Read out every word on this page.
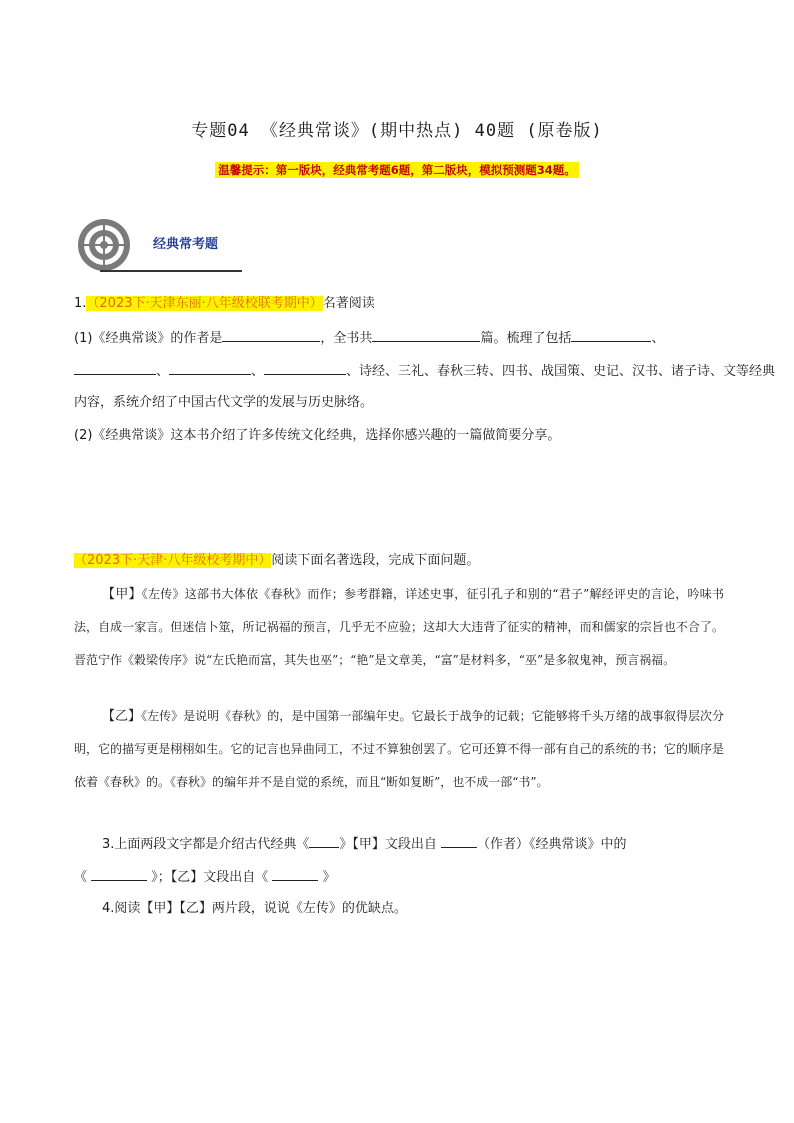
专题04 《经典常谈》(期中热点) 40题 (原卷版)
温馨提示：第一版块，经典常考题6题，第二版块，模拟预测题34题。
经典常考题
1.（2023下·天津东丽·八年级校联考期中）名著阅读
(1)《经典常谈》的作者是	，全书共	篇。梳理了包括	、
、	、	、诗经、三礼、春秋三转、四书、战国策、史记、汉书、诸子诗、文等经典
内容，系统介绍了中国古代文学的发展与历史脉络。
(2)《经典常谈》这本书介绍了许多传统文化经典，选择你感兴趣的一篇做简要分享。
（2023下·天津·八年级校考期中）阅读下面名著选段，完成下面问题。
【甲】《左传》这部书大体依《春秋》而作；参考群籍，详述史事，征引孔子和别的“君子”解经评史的言论，吟味书法，自成一家言。但迷信卜筮，所记祸福的预言，几乎无不应验；这却大大违背了征实的精神，而和儒家的宗旨也不合了。晋范宁作《穀梁传序》说“左氏艳而富，其失也巫”；“艳”是文章美，“富”是材料多，“巫”是多叙鬼神，预言祸福。
【乙】《左传》是说明《春秋》的，是中国第一部编年史。它最长于战争的记载；它能够将千头万绪的战事叙得层次分明，它的描写更是栩栩如生。它的记言也异曲同工，不过不算独创罢了。它可还算不得一部有自己的系统的书；它的顺序是依着《春秋》的。《春秋》的编年并不是自觉的系统，而且“断如复断”，也不成一部“书”。
3.上面两段文字都是介绍古代经典《 》【甲】文段出自	（作者）《经典常谈》中的
《	》；【乙】文段出自《	》
4.阅读【甲】【乙】两片段，说说《左传》的优缺点。
